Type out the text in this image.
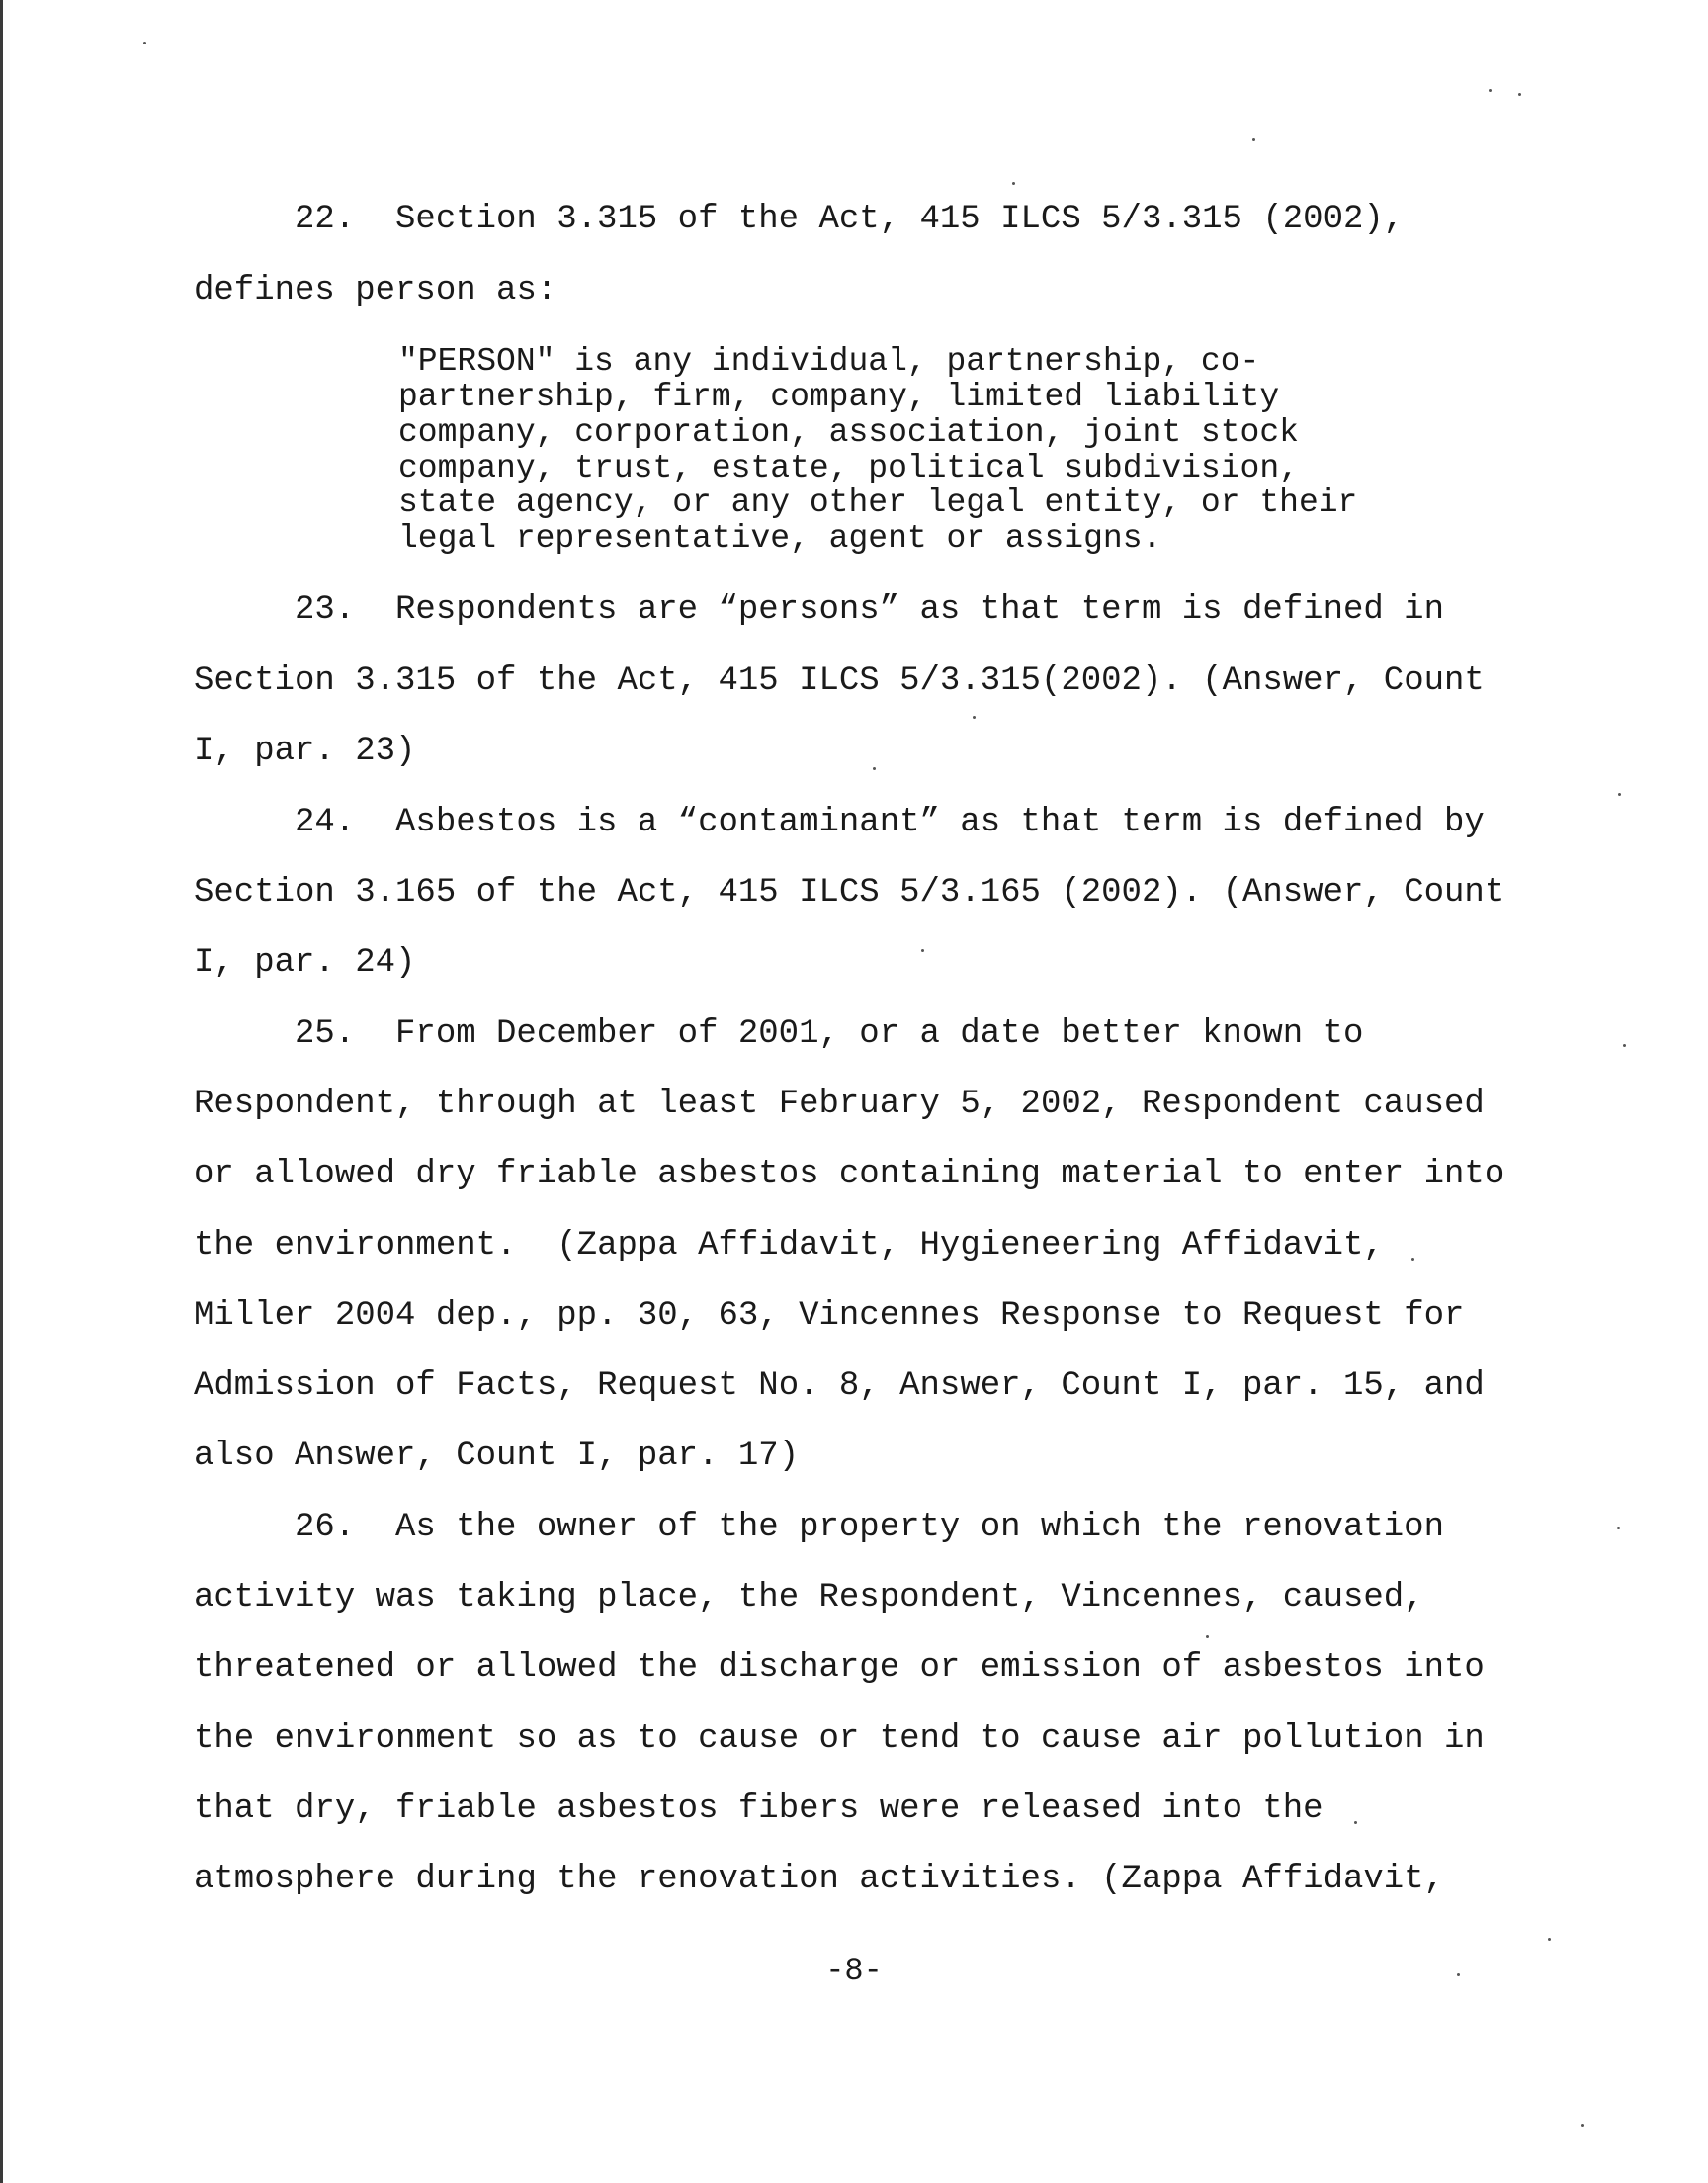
22.  Section 3.315 of the Act, 415 ILCS 5/3.315 (2002),
defines person as:
"PERSON" is any individual, partnership, co-
partnership, firm, company, limited liability
company, corporation, association, joint stock
company, trust, estate, political subdivision,
state agency, or any other legal entity, or their
legal representative, agent or assigns.
23.  Respondents are “persons” as that term is defined in
Section 3.315 of the Act, 415 ILCS 5/3.315(2002). (Answer, Count
I, par. 23)
24.  Asbestos is a “contaminant” as that term is defined by
Section 3.165 of the Act, 415 ILCS 5/3.165 (2002). (Answer, Count
I, par. 24)
25.  From December of 2001, or a date better known to
Respondent, through at least February 5, 2002, Respondent caused
or allowed dry friable asbestos containing material to enter into
the environment.  (Zappa Affidavit, Hygieneering Affidavit,
Miller 2004 dep., pp. 30, 63, Vincennes Response to Request for
Admission of Facts, Request No. 8, Answer, Count I, par. 15, and
also Answer, Count I, par. 17)
26.  As the owner of the property on which the renovation
activity was taking place, the Respondent, Vincennes, caused,
threatened or allowed the discharge or emission of asbestos into
the environment so as to cause or tend to cause air pollution in
that dry, friable asbestos fibers were released into the
atmosphere during the renovation activities. (Zappa Affidavit,
-8-
